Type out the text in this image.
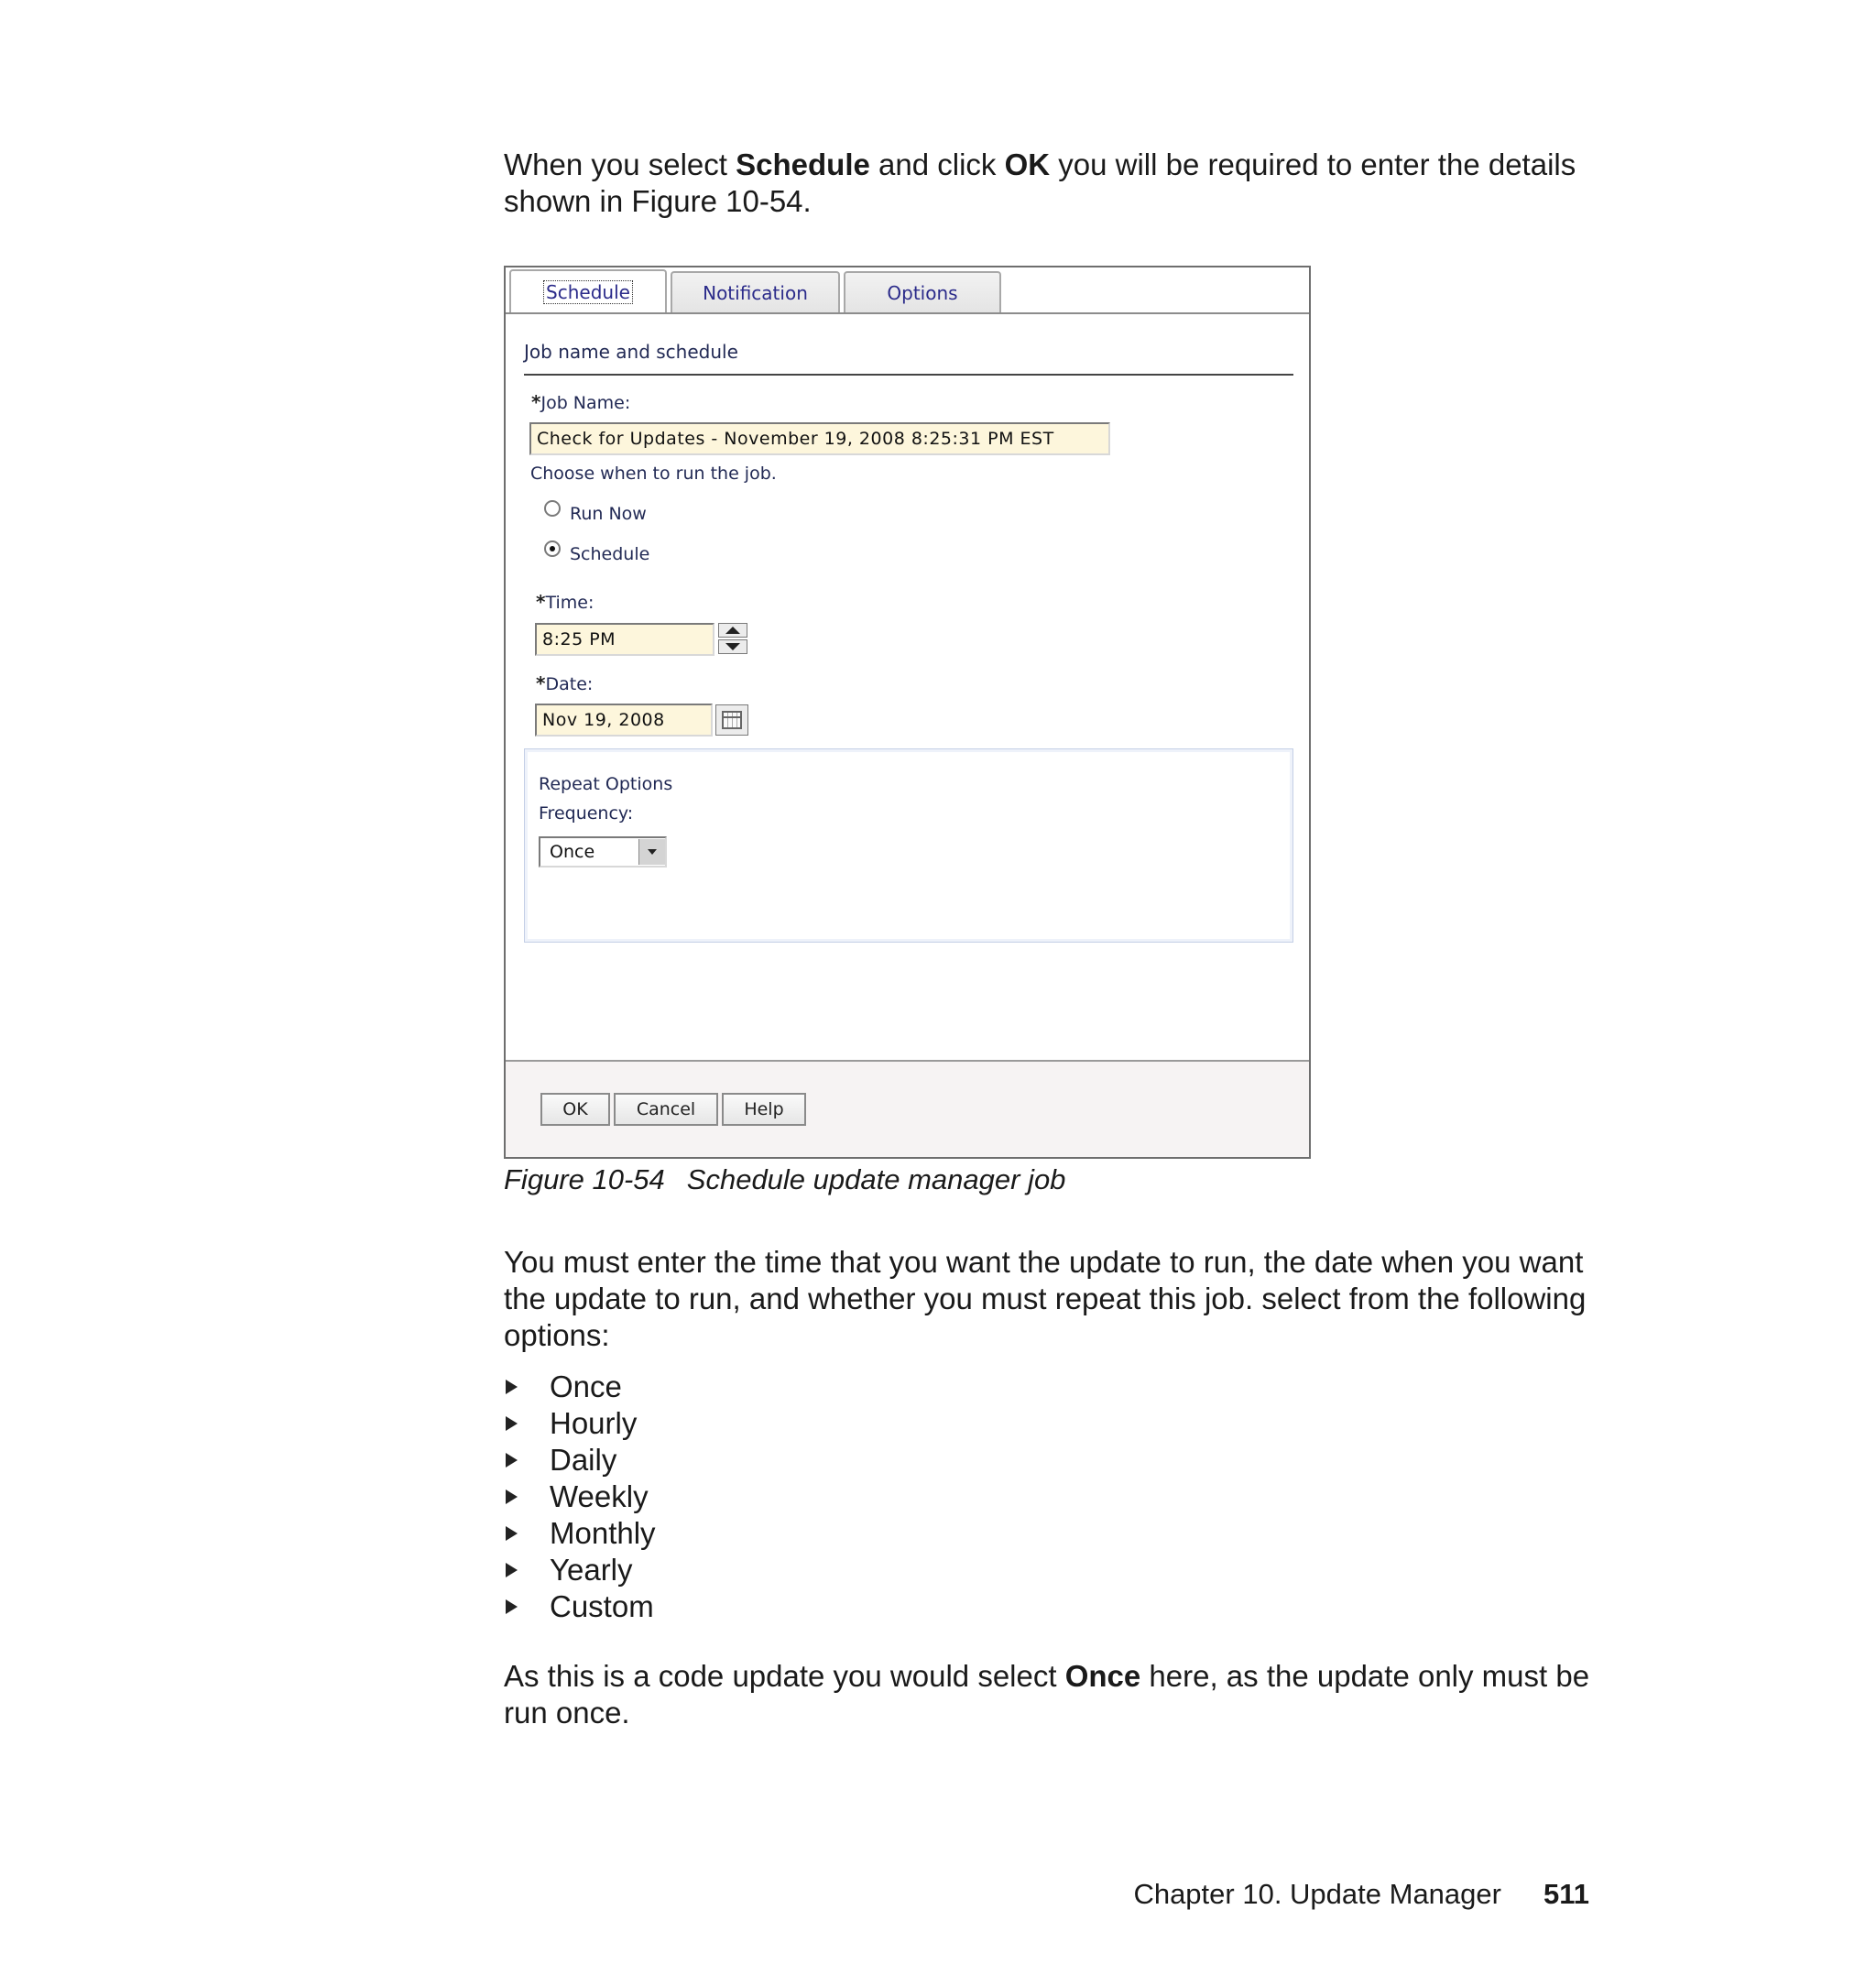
When you select Schedule and click OK you will be required to enter the details shown in Figure 10-54.

Schedule	Notification	Options
Job name and schedule
*Job Name:
Check for Updates - November 19, 2008 8:25:31 PM EST
Choose when to run the job.
Run Now
Schedule
*Time:
8:25 PM
*Date:
Nov 19, 2008
Repeat Options
Frequency:
Once
OK	Cancel	Help
Figure 10-54 Schedule update manager job

You must enter the time that you want the update to run, the date when you want the update to run, and whether you must repeat this job. select from the following options:

Once
Hourly
Daily
Weekly
Monthly
Yearly
Custom

As this is a code update you would select Once here, as the update only must be run once.

Chapter 10. Update Manager 511
